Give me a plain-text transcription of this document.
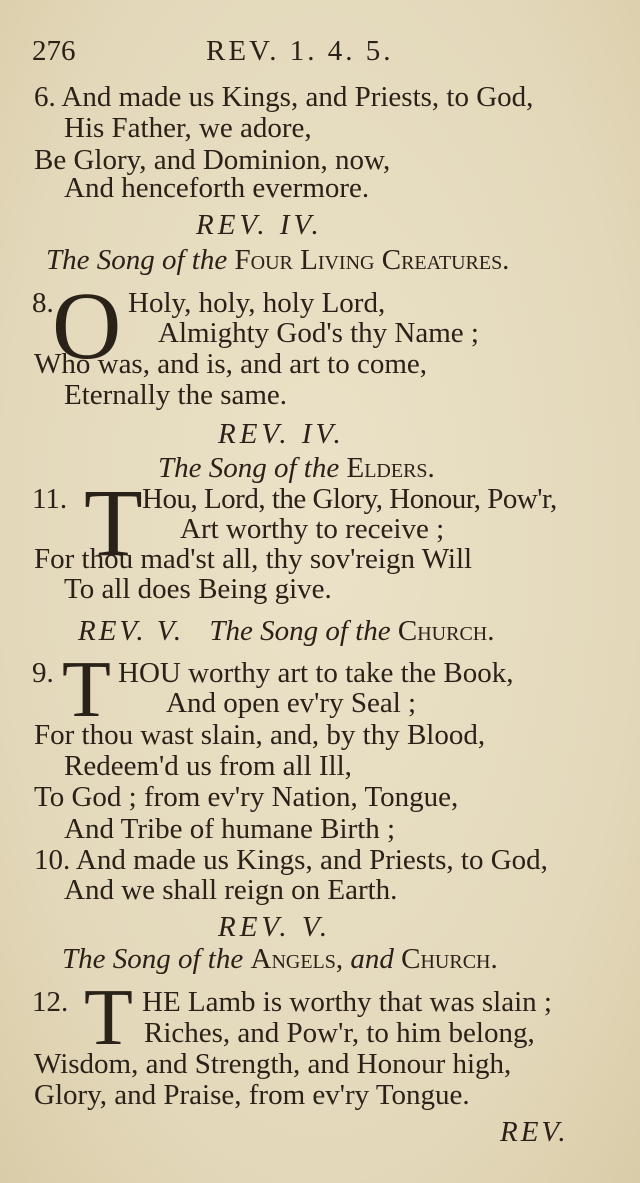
276	REV. 1. 4. 5.
6. And made us Kings, and Priests, to God,
His Father, we adore,
Be Glory, and Dominion, now,
And henceforth evermore.
REV. IV.
The Song of the Four Living Creatures.
8.
O Holy, holy, holy Lord,
Almighty God's thy Name ;
Who was, and is, and art to come,
Eternally the same.
REV. IV.
The Song of the Elders.
11. T Hou, Lord, the Glory, Honour, Pow'r,
Art worthy to receive ;
For thou mad'st all, thy sov'reign Will
To all does Being give.
REV. V. The Song of the Church.
9. T HOU worthy art to take the Book,
And open ev'ry Seal ;
For thou wast slain, and, by thy Blood,
Redeem'd us from all Ill,
To God ; from ev'ry Nation, Tongue,
And Tribe of humane Birth ;
10. And made us Kings, and Priests, to God,
And we shall reign on Earth.
REV. V.
The Song of the Angels, and Church.
12. T HE Lamb is worthy that was slain ;
Riches, and Pow'r, to him belong,
Wisdom, and Strength, and Honour high,
Glory, and Praise, from ev'ry Tongue.
REV.
